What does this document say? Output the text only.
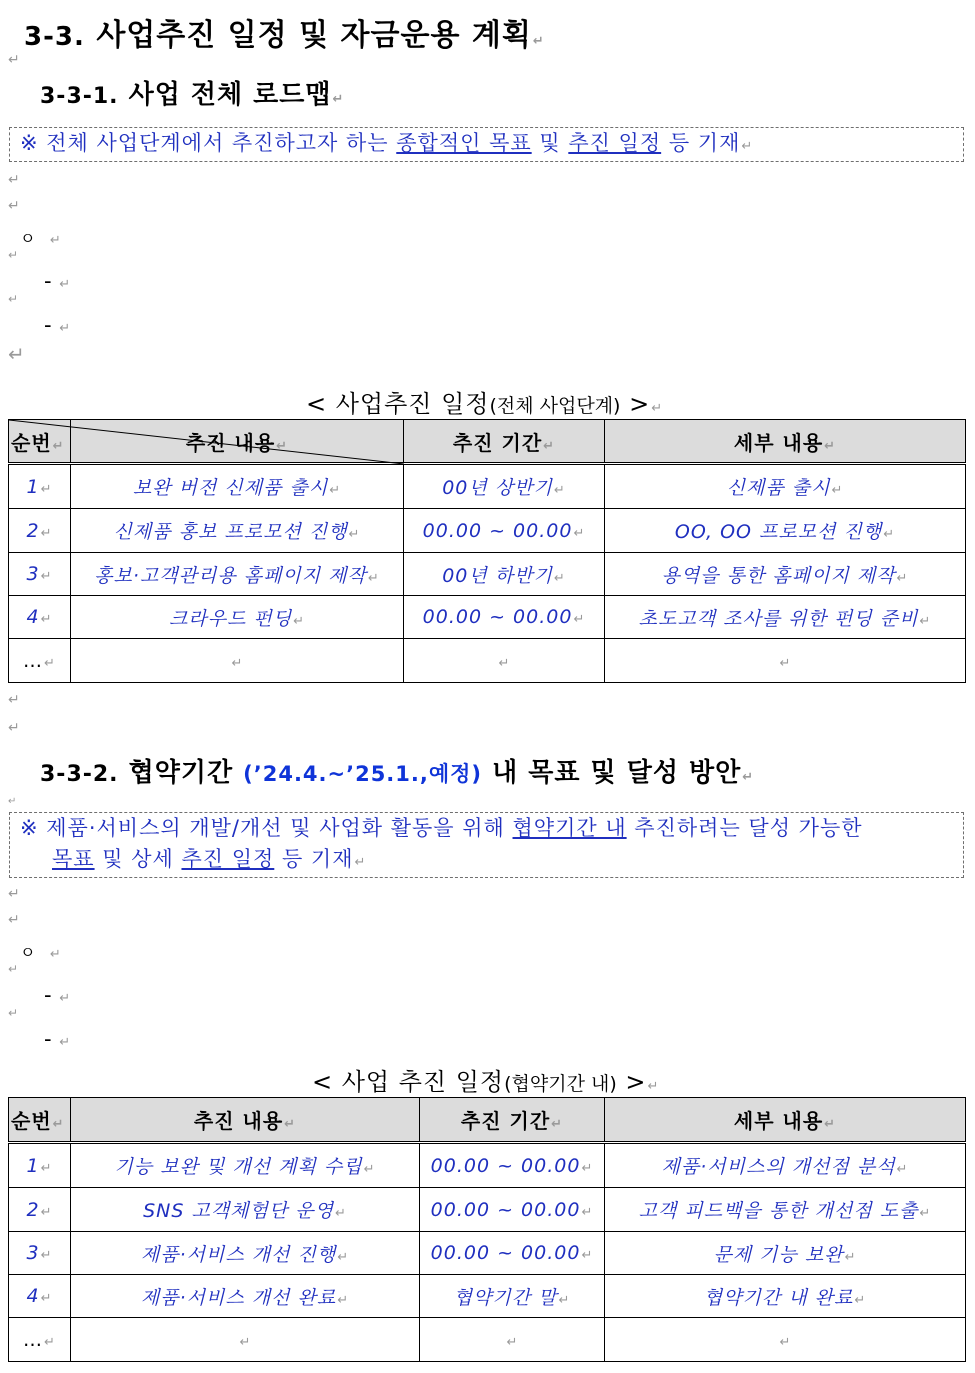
3-3. 사업추진 일정 및 자금운용 계획↵
↵
3-3-1. 사업 전체 로드맵↵
※ 전체 사업단계에서 추진하고자 하는 종합적인 목표 및 추진 일정 등 기재↵
↵
↵
ㅇ ↵
↵
- ↵
↵
- ↵
↵
< 사업추진 일정(전체 사업단계) >↵
순번↵	추진 내용↵	추진 기간↵	세부 내용↵
1↵	보완 버전 신제품 출시↵	00년 상반기↵	신제품 출시↵
2↵	신제품 홍보 프로모션 진행↵	00.00 ~ 00.00↵	OO, OO 프로모션 진행↵
3↵	홍보·고객관리용 홈페이지 제작↵	00년 하반기↵	용역을 통한 홈페이지 제작↵
4↵	크라우드 펀딩↵	00.00 ~ 00.00↵	초도고객 조사를 위한 펀딩 준비↵
…↵	↵	↵	↵
↵
↵
3-3-2. 협약기간 (’24.4.~’25.1.,예정) 내 목표 및 달성 방안↵
↵
※ 제품·서비스의 개발/개선 및 사업화 활동을 위해 협약기간 내 추진하려는 달성 가능한
목표 및 상세 추진 일정 등 기재↵
↵
↵
ㅇ ↵
↵
- ↵
↵
- ↵
< 사업 추진 일정(협약기간 내) >↵
순번↵	추진 내용↵	추진 기간↵	세부 내용↵
1↵	기능 보완 및 개선 계획 수립↵	00.00 ~ 00.00↵	제품·서비스의 개선점 분석↵
2↵	SNS 고객체험단 운영↵	00.00 ~ 00.00↵	고객 피드백을 통한 개선점 도출↵
3↵	제품·서비스 개선 진행↵	00.00 ~ 00.00↵	문제 기능 보완↵
4↵	제품·서비스 개선 완료↵	협약기간 말↵	협약기간 내 완료↵
…↵	↵	↵	↵
